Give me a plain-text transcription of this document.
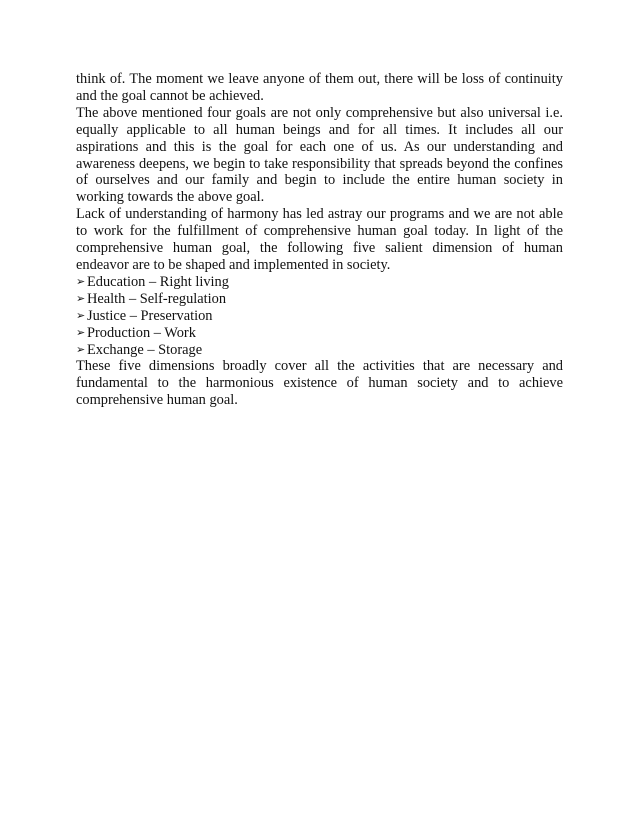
think of. The moment we leave anyone of them out, there will be loss of continuity and the goal cannot be achieved.

The above mentioned four goals are not only comprehensive but also universal i.e. equally applicable to all human beings and for all times. It includes all our aspirations and this is the goal for each one of us. As our understanding and awareness deepens, we begin to take responsibility that spreads beyond the confines of ourselves and our family and begin to include the entire human society in working towards the above goal.

Lack of understanding of harmony has led astray our programs and we are not able to work for the fulfillment of comprehensive human goal today. In light of the comprehensive human goal, the following five salient dimension of human endeavor are to be shaped and implemented in society.

➢ Education – Right living
➢ Health – Self-regulation
➢ Justice – Preservation
➢ Production – Work
➢ Exchange – Storage

These five dimensions broadly cover all the activities that are necessary and fundamental to the harmonious existence of human society and to achieve comprehensive human goal.
